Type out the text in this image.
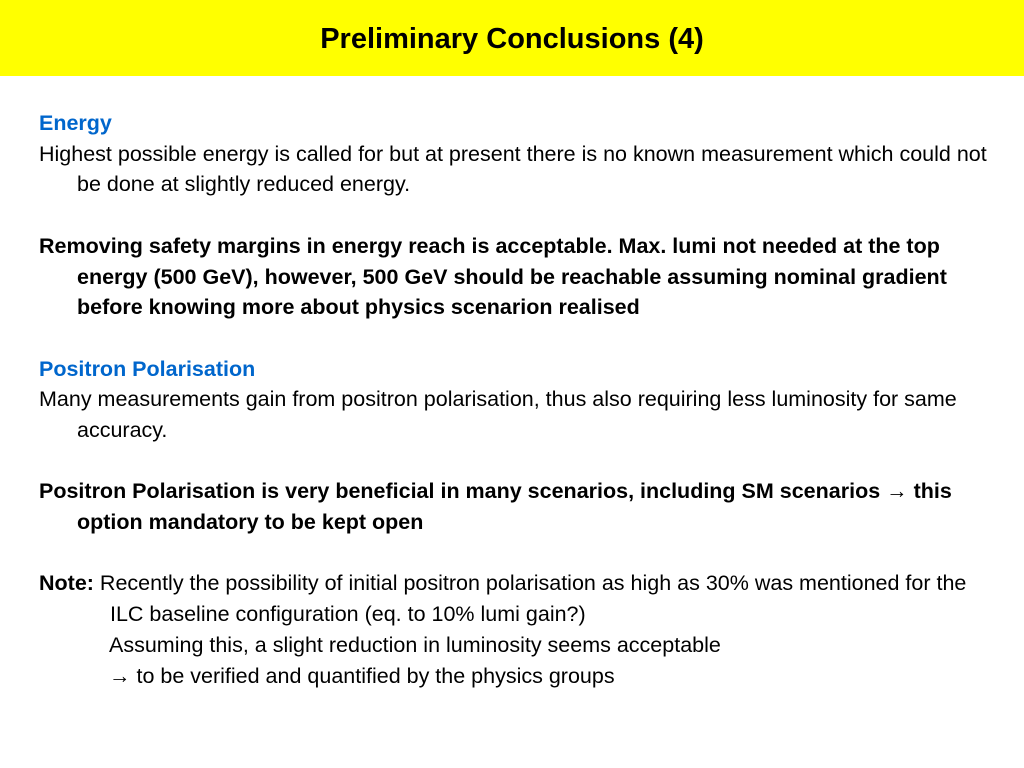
Preliminary Conclusions (4)

Energy

Highest possible energy is called for but at present there is no known measurement which could not be done at slightly reduced energy.

Removing safety margins in energy reach is acceptable. Max. lumi not needed at the top energy (500 GeV), however, 500 GeV should be reachable assuming nominal gradient before knowing more about physics scenarion realised

Positron Polarisation

Many measurements gain from positron polarisation, thus also requiring less luminosity for same accuracy.

Positron Polarisation is very beneficial in many scenarios, including SM scenarios → this option mandatory to be kept open

Note: Recently the possibility of initial positron polarisation as high as 30% was mentioned for the ILC baseline configuration (eq. to 10% lumi gain?)

Assuming this, a slight reduction in luminosity seems acceptable

→ to be verified and quantified by the physics groups
